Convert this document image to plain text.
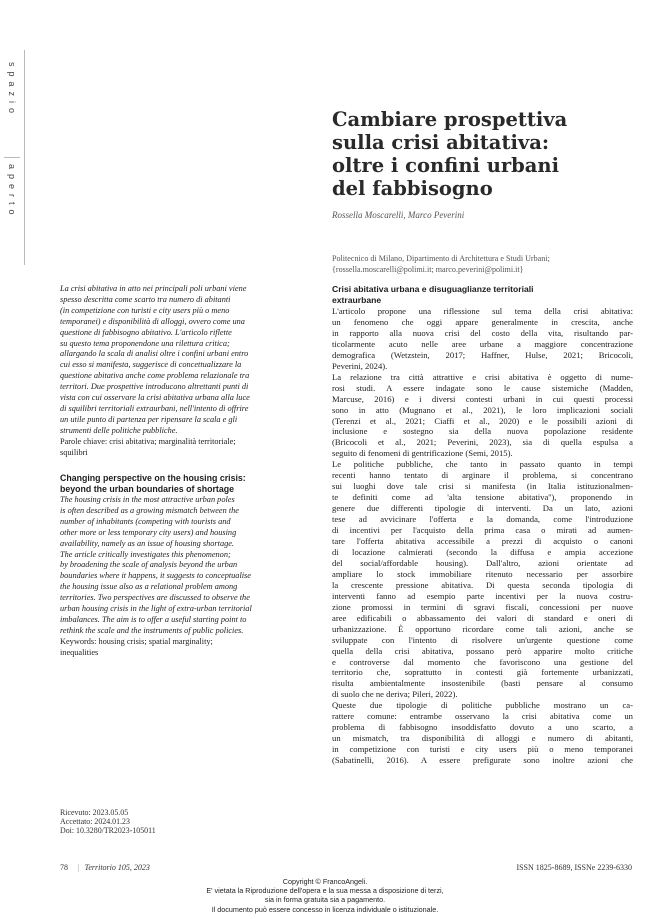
spazio
aperto
Cambiare prospettiva
sulla crisi abitativa:
oltre i confini urbani
del fabbisogno
Rossella Moscarelli, Marco Peverini
Politecnico di Milano, Dipartimento di Architettura e Studi Urbani;
{rossella.moscarelli@polimi.it; marco.peverini@polimi.it}
La crisi abitativa in atto nei principali poli urbani viene
spesso descritta come scarto tra numero di abitanti
(in competizione con turisti e city users più o meno
temporanei) e disponibilità di alloggi, ovvero come una
questione di fabbisogno abitativo. L'articolo riflette
su questo tema proponendone una rilettura critica;
allargando la scala di analisi oltre i confini urbani entro
cui esso si manifesta, suggerisce di concettualizzare la
questione abitativa anche come problema relazionale tra
territori. Due prospettive introducono altrettanti punti di
vista con cui osservare la crisi abitativa urbana alla luce
di squilibri territoriali extraurbani, nell'intento di offrire
un utile punto di partenza per ripensare la scala e gli
strumenti delle politiche pubbliche.
Parole chiave: crisi abitativa; marginalità territoriale;
squilibri
Changing perspective on the housing crisis:
beyond the urban boundaries of shortage
The housing crisis in the most attractive urban poles
is often described as a growing mismatch between the
number of inhabitants (competing with tourists and
other more or less temporary city users) and housing
availability, namely as an issue of housing shortage.
The article critically investigates this phenomenon;
by broadening the scale of analysis beyond the urban
boundaries where it happens, it suggests to conceptualise
the housing issue also as a relational problem among
territories. Two perspectives are discussed to observe the
urban housing crisis in the light of extra-urban territorial
imbalances. The aim is to offer a useful starting point to
rethink the scale and the instruments of public policies.
Keywords: housing crisis; spatial marginality;
inequalities
Ricevuto: 2023.05.05
Accettato: 2024.01.23
Doi: 10.3280/TR2023-105011
Crisi abitativa urbana e disuguaglianze territoriali
extraurbane
L'articolo propone una riflessione sul tema della crisi abitativa:
un fenomeno che oggi appare generalmente in crescita, anche
in rapporto alla nuova crisi del costo della vita, risultando par-
ticolarmente acuto nelle aree urbane a maggiore concentrazione
demografica (Wetzstein, 2017; Haffner, Hulse, 2021; Bricocoli,
Peverini, 2024).
La relazione tra città attrattive e crisi abitativa è oggetto di nume-
rosi studi. A essere indagate sono le cause sistemiche (Madden,
Marcuse, 2016) e i diversi contesti urbani in cui questi processi
sono in atto (Mugnano et al., 2021), le loro implicazioni sociali
(Terenzi et al., 2021; Ciaffi et al., 2020) e le possibili azioni di
inclusione e sostegno sia della nuova popolazione residente
(Bricocoli et al., 2021; Peverini, 2023), sia di quella espulsa a
seguito di fenomeni di gentrificazione (Semi, 2015).
Le politiche pubbliche, che tanto in passato quanto in tempi
recenti hanno tentato di arginare il problema, si concentrano
sui luoghi dove tale crisi si manifesta (in Italia istituzionalmen-
te definiti come ad 'alta tensione abitativa''), proponendo in
genere due differenti tipologie di interventi. Da un lato, azioni
tese ad avvicinare l'offerta e la domanda, come l'introduzione
di incentivi per l'acquisto della prima casa o mirati ad aumen-
tare l'offerta abitativa accessibile a prezzi di acquisto o canoni
di locazione calmierati (secondo la diffusa e ampia accezione
del social/affordable housing). Dall'altro, azioni orientate ad
ampliare lo stock immobiliare ritenuto necessario per assorbire
la crescente pressione abitativa. Di questa seconda tipologia di
interventi fanno ad esempio parte incentivi per la nuova costru-
zione promossi in termini di sgravi fiscali, concessioni per nuove
aree edificabili o abbassamento dei valori di standard e oneri di
urbanizzazione. È opportuno ricordare come tali azioni, anche se
sviluppate con l'intento di risolvere un'urgente questione come
quella della crisi abitativa, possano però apparire molto critiche
e controverse dal momento che favoriscono una gestione del
territorio che, soprattutto in contesti già fortemente urbanizzati,
risulta ambientalmente insostenibile (basti pensare al consumo
di suolo che ne deriva; Pileri, 2022).
Queste due tipologie di politiche pubbliche mostrano un ca-
rattere comune: entrambe osservano la crisi abitativa come un
problema di fabbisogno insoddisfatto dovuto a uno scarto, a
un mismatch, tra disponibilità di alloggi e numero di abitanti,
in competizione con turisti e city users più o meno temporanei
(Sabatinelli, 2016). A essere prefigurate sono inoltre azioni che
78 | Territorio 105, 2023	ISSN 1825-8689, ISSNe 2239-6330
Copyright © FrancoAngeli.
E' vietata la Riproduzione dell'opera e la sua messa a disposizione di terzi,
sia in forma gratuita sia a pagamento.
Il documento può essere concesso in licenza individuale o istituzionale.
